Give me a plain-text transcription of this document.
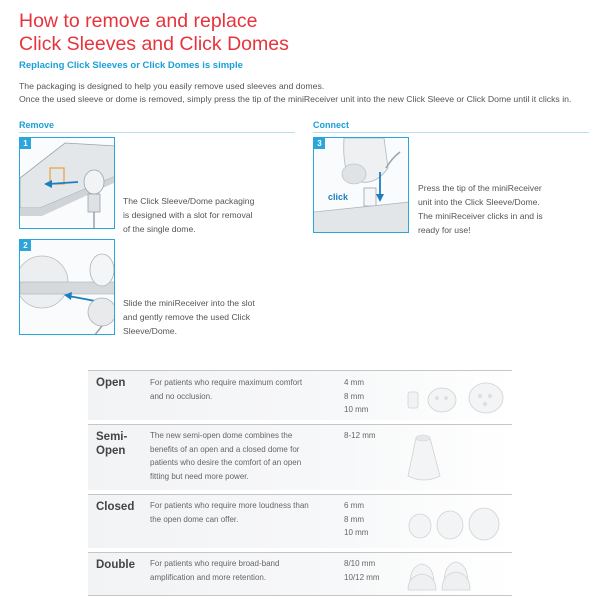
How to remove and replace
Click Sleeves and Click Domes
Replacing Click Sleeves or Click Domes is simple
The packaging is designed to help you easily remove used sleeves and domes.
Once the used sleeve or dome is removed, simply press the tip of the miniReceiver unit into the new Click Sleeve or Click Dome until it clicks in.
Remove
1
The Click Sleeve/Dome packaging
is designed with a slot for removal
of the single dome.
2
Slide the miniReceiver into the slot
and gently remove the used Click
Sleeve/Dome.
Connect
3
click
Press the tip of the miniReceiver
unit into the Click Sleeve/Dome.
The miniReceiver clicks in and is
ready for use!
Open	For patients who require maximum comfort
and no occlusion.
4 mm
8 mm
10 mm
Semi-
Open
The new semi-open dome combines the
benefits of an open and a closed dome for
patients who desire the comfort of an open
fitting but need more power.
8-12 mm
Closed For patients who require more loudness than
the open dome can offer.
6 mm
8 mm
10 mm
Double For patients who require broad-band
amplification and more retention.
8/10 mm
10/12 mm
